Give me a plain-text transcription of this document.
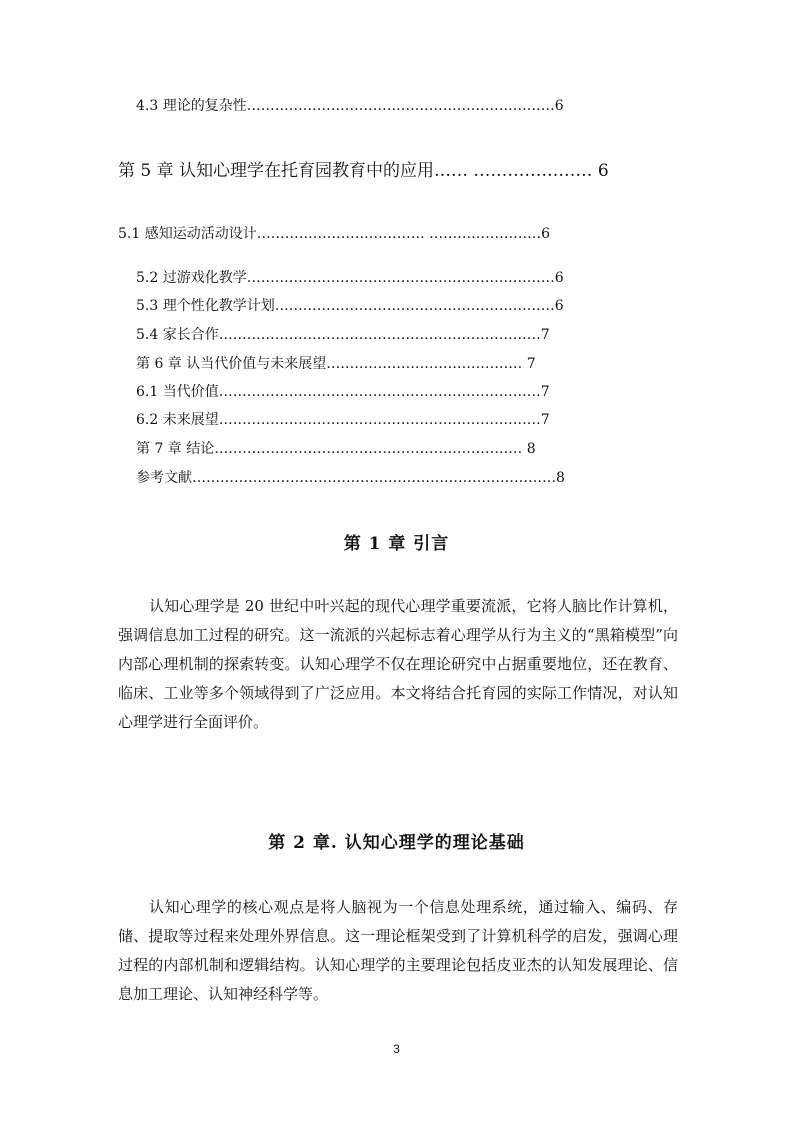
4.3 理论的复杂性…………………………………………………………6
第 5 章 认知心理学在托育园教育中的应用…… ………………… 6
5.1 感知运动活动设计……………………………… ……………………6
5.2 过游戏化教学…………………………………………………………6
5.3 理个性化教学计划……………………………………………………6
5.4 家长合作……………………………………………………………7
第 6 章 认当代价值与未来展望…………………………………… 7
6.1 当代价值……………………………………………………………7
6.2 未来展望……………………………………………………………7
第 7 章 结论………………………………………………………… 8
参考文献……………………………………………………………………8
第 1 章 引言
认知心理学是 20 世纪中叶兴起的现代心理学重要流派，它将人脑比作计算机，强调信息加工过程的研究。这一流派的兴起标志着心理学从行为主义的“黑箱模型”向内部心理机制的探索转变。认知心理学不仅在理论研究中占据重要地位，还在教育、临床、工业等多个领域得到了广泛应用。本文将结合托育园的实际工作情况，对认知心理学进行全面评价。
第 2 章. 认知心理学的理论基础
认知心理学的核心观点是将人脑视为一个信息处理系统，通过输入、编码、存储、提取等过程来处理外界信息。这一理论框架受到了计算机科学的启发，强调心理过程的内部机制和逻辑结构。认知心理学的主要理论包括皮亚杰的认知发展理论、信息加工理论、认知神经科学等。
3
